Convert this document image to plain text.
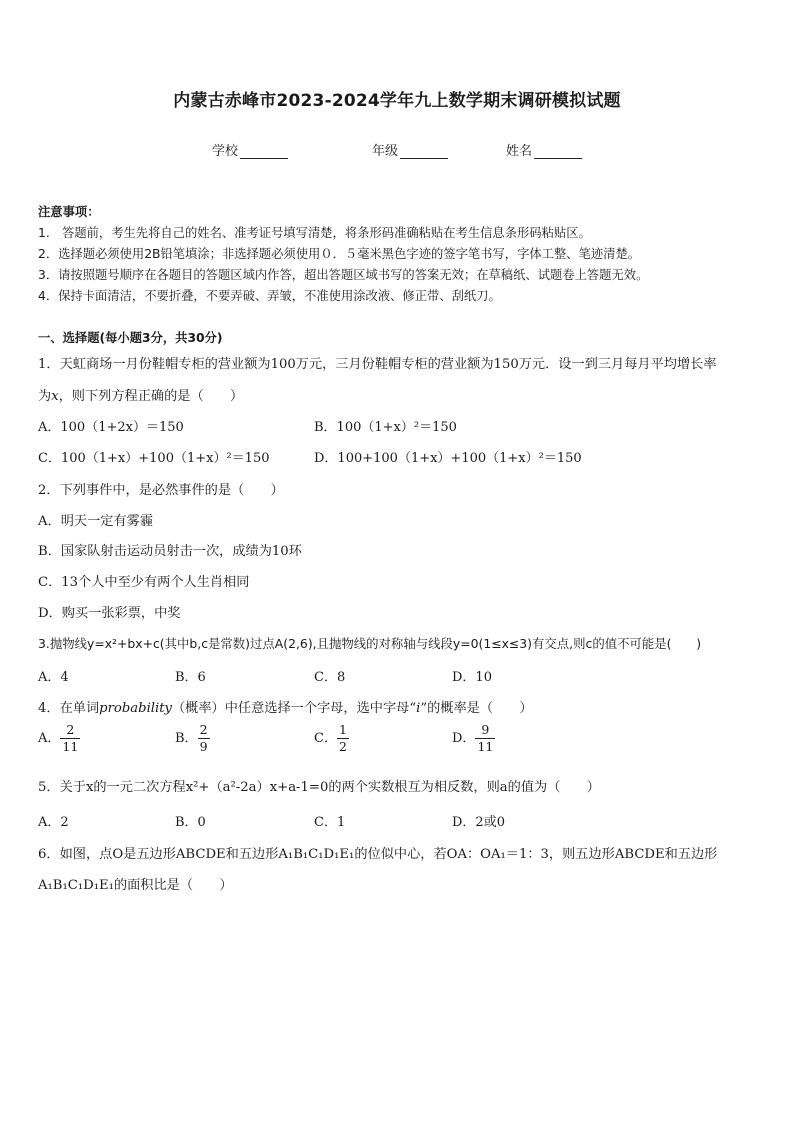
内蒙古赤峰市2023-2024学年九上数学期末调研模拟试题
学校	年级	姓名
注意事项：
1.　答题前，考生先将自己的姓名、准考证号填写清楚，将条形码准确粘贴在考生信息条形码粘贴区。
2．选择题必须使用2B铅笔填涂；非选择题必须使用０．５毫米黑色字迹的签字笔书写，字体工整、笔迹清楚。
3．请按照题号顺序在各题目的答题区域内作答，超出答题区域书写的答案无效；在草稿纸、试题卷上答题无效。
4．保持卡面清洁，不要折叠，不要弄破、弄皱，不准使用涂改液、修正带、刮纸刀。
一、选择题(每小题3分，共30分)
1．天虹商场一月份鞋帽专柜的营业额为100万元，三月份鞋帽专柜的营业额为150万元．设一到三月每月平均增长率
为x，则下列方程正确的是（　　）
A．100（1+2x）＝150	B．100（1+x）²＝150
C．100（1+x）+100（1+x）²＝150	D．100+100（1+x）+100（1+x）²＝150
2．下列事件中，是必然事件的是（　　）
A．明天一定有雾霾
B．国家队射击运动员射击一次，成绩为10环
C．13个人中至少有两个人生肖相同
D．购买一张彩票，中奖
3.抛物线y=x²+bx+c(其中b,c是常数)过点A(2,6),且抛物线的对称轴与线段y=0(1≤x≤3)有交点,则c的值不可能是(　　)
A．4	B．6	C．8	D．10
4．在单词probability（概率）中任意选择一个字母，选中字母“i”的概率是（　　）
A． $\frac{2}{11}$	B． $\frac{2}{9}$	C． $\frac{1}{2}$	D． $\frac{9}{11}$
5．关于x的一元二次方程x²+（a²-2a）x+a-1=0的两个实数根互为相反数，则a的值为（　　）
A．2	B．0	C．1	D．2或0
6．如图，点O是五边形ABCDE和五边形A₁B₁C₁D₁E₁的位似中心，若OA：OA₁＝1：3，则五边形ABCDE和五边形
A₁B₁C₁D₁E₁的面积比是（　　）
